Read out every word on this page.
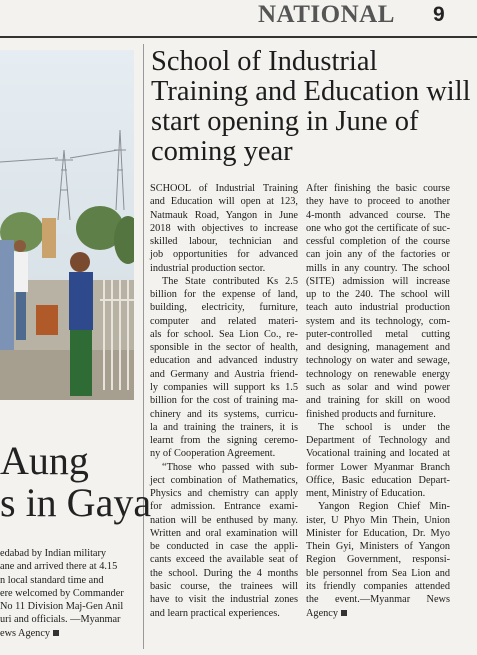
NATIONAL 9
Aung
s in Gaya
edabad by Indian military
ane and arrived there at 4.15
n local standard time and
ere welcomed by Commander
No 11 Division Maj-Gen Anil
uri and officials. —Myanmar
ews Agency
School of Industrial Training and Education will start opening in June of coming year
SCHOOL of Industrial Training
and Education will open at 123,
Natmauk Road, Yangon in June
2018 with objectives to increase
skilled labour, technician and
job opportunities for advanced
industrial production sector.
The State contributed Ks 2.5
billion for the expense of land,
building, electricity, furniture,
computer and related materi-
als for school. Sea Lion Co., re-
sponsible in the sector of health,
education and advanced industry
and Germany and Austria friend-
ly companies will support ks 1.5
billion for the cost of training ma-
chinery and its systems, curricu-
la and training the trainers, it is
learnt from the signing ceremo-
ny of Cooperation Agreement.
“Those who passed with sub-
ject combination of Mathematics,
Physics and chemistry can apply
for admission. Entrance exami-
nation will be enthused by many.
Written and oral examination will
be conducted in case the appli-
cants exceed the available seat of
the school. During the 4 months
basic course, the trainees will
have to visit the industrial zones
and learn practical experiences.
After finishing the basic course
they have to proceed to another
4-month advanced course. The
one who got the certificate of suc-
cessful completion of the course
can join any of the factories or
mills in any country. The school
(SITE) admission will increase
up to the 240. The school will
teach auto industrial production
system and its technology, com-
puter-controlled metal cutting
and designing, management and
technology on water and sewage,
technology on renewable energy
such as solar and wind power
and training for skill on wood
finished products and furniture.
The school is under the
Department of Technology and
Vocational training and located at
former Lower Myanmar Branch
Office, Basic education Depart-
ment, Ministry of Education.
Yangon Region Chief Min-
ister, U Phyo Min Thein, Union
Minister for Education, Dr. Myo
Thein Gyi, Ministers of Yangon
Region Government, responsi-
ble personnel from Sea Lion and
its friendly companies attended
the event.—Myanmar News
Agency
